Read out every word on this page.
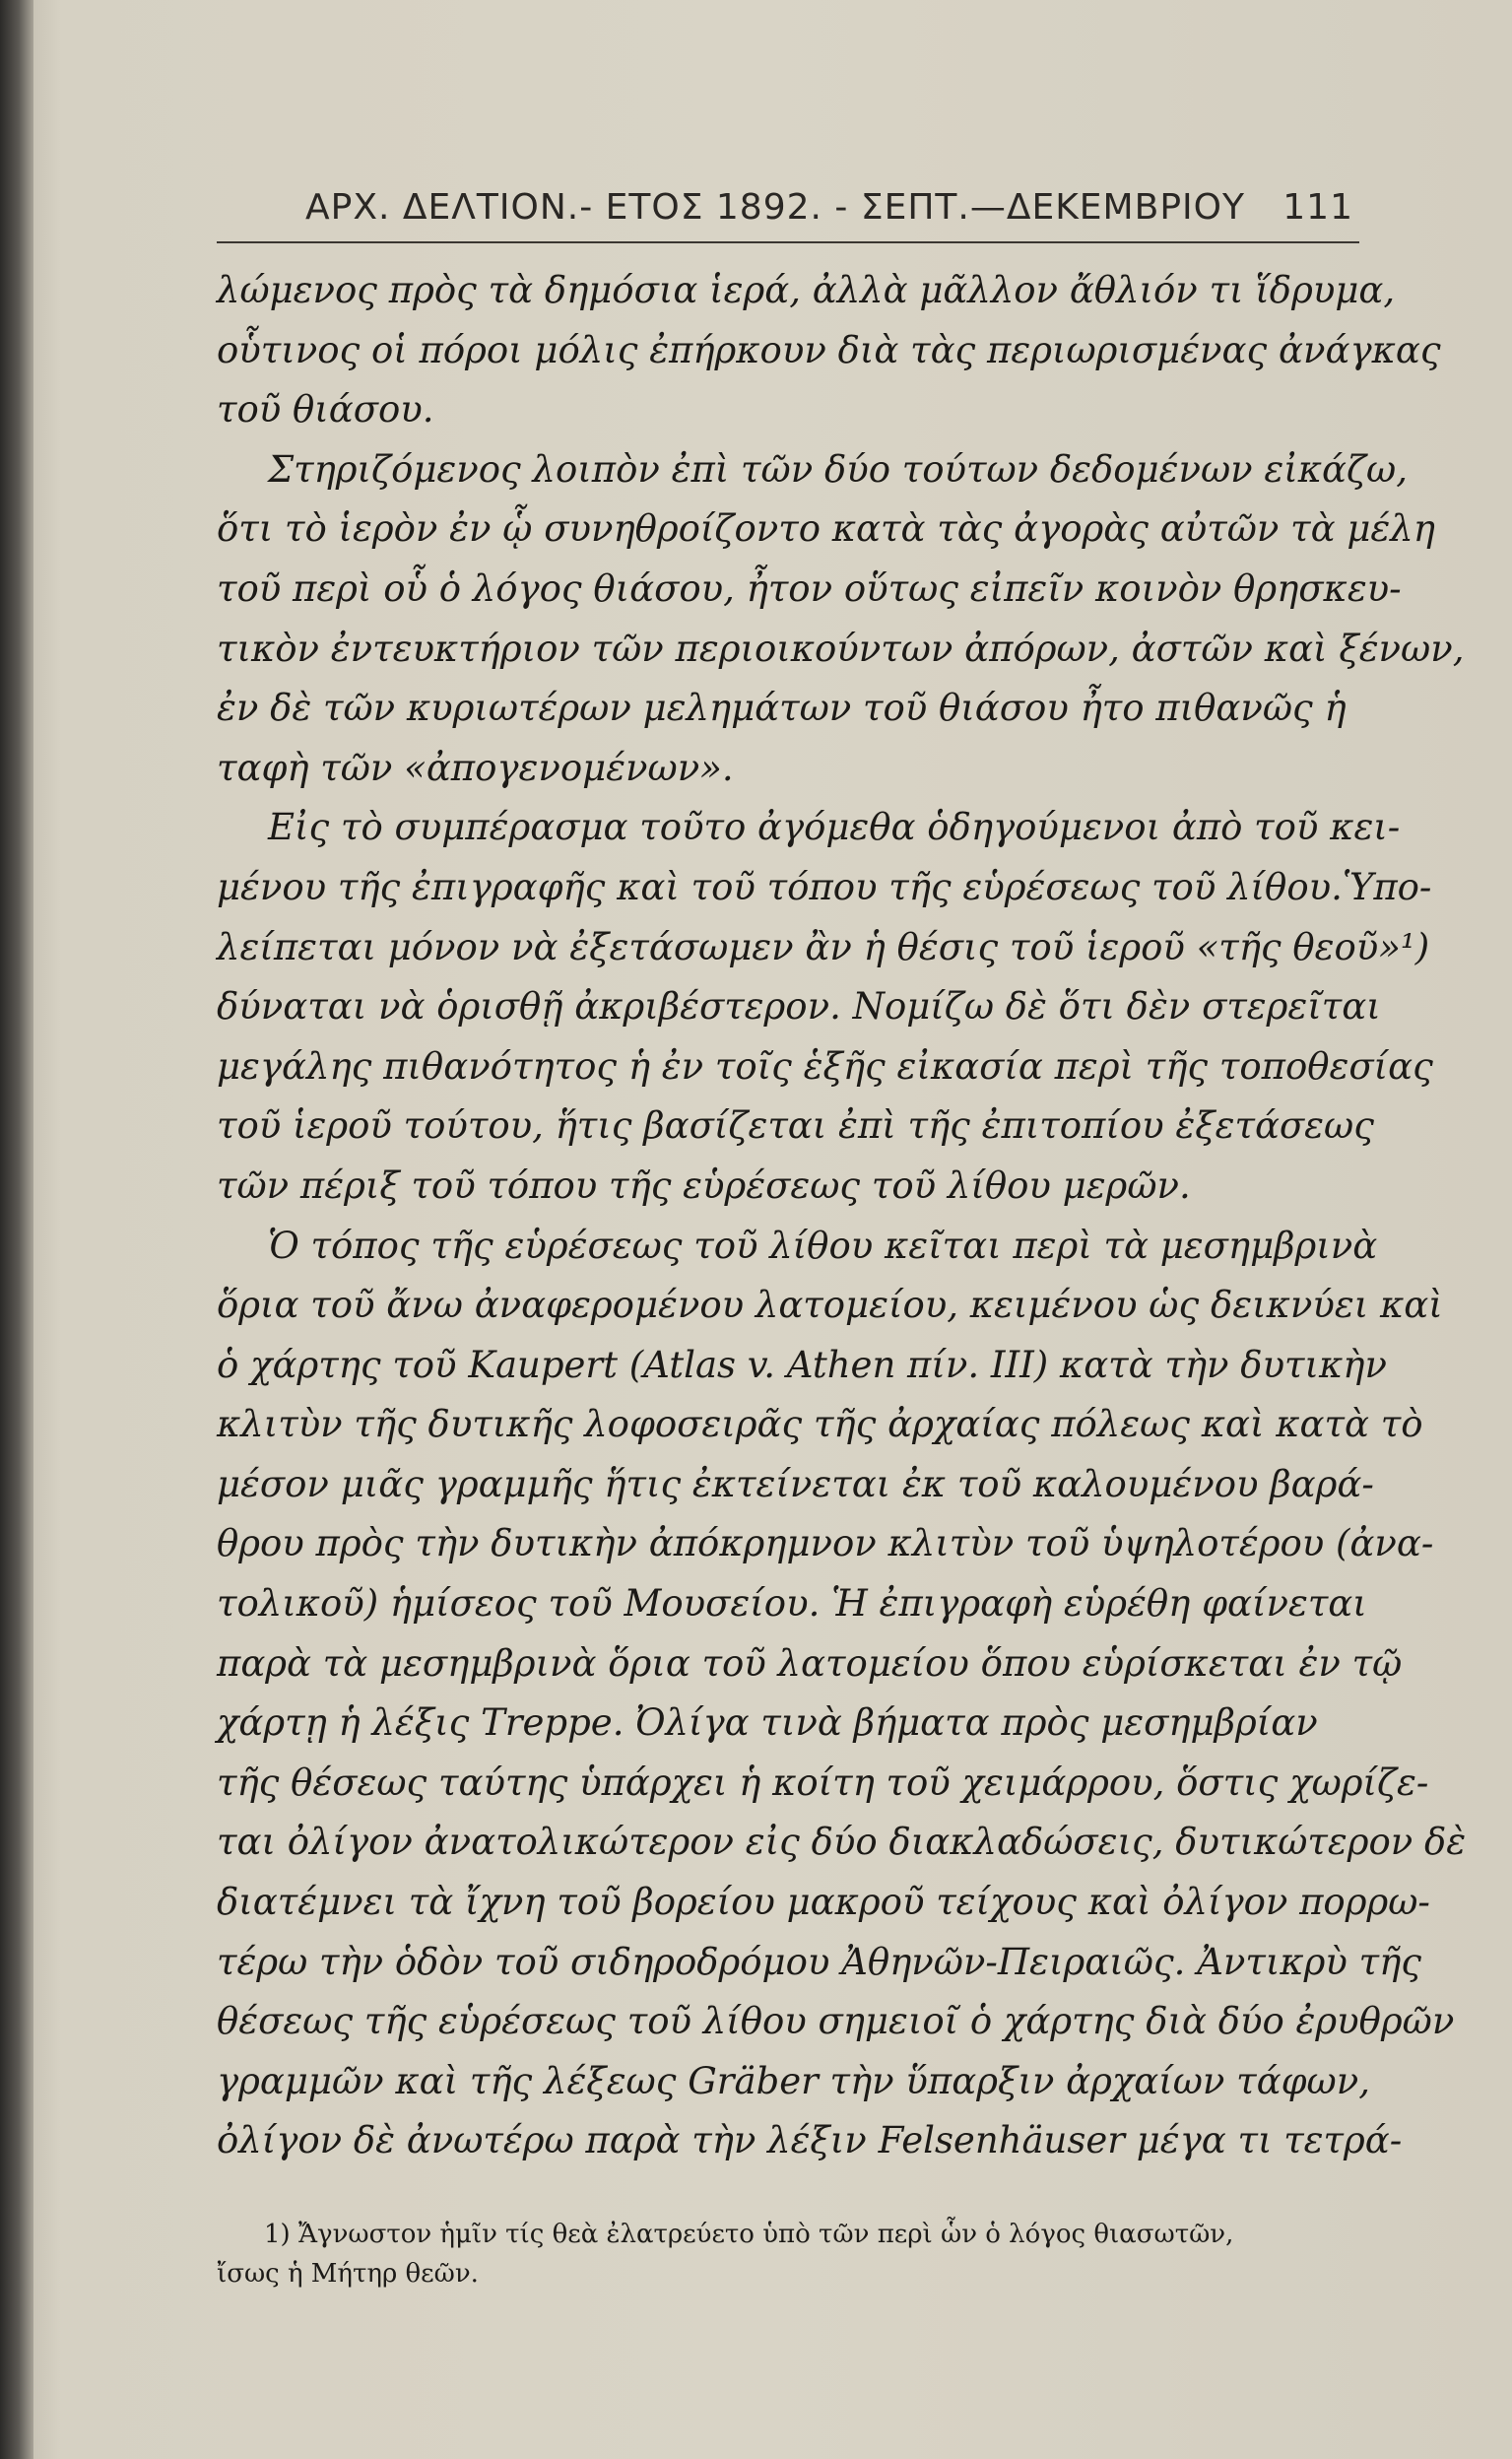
ΑΡΧ. ΔΕΛΤΙΟΝ.- ΕΤΟΣ 1892. - ΣΕΠΤ.—ΔΕΚΕΜΒΡΙΟΥ 111
λώμενος πρὸς τὰ δημόσια ἱερά, ἀλλὰ μᾶλλον ἄθλιόν τι ἵδρυμα,
οὗτινος οἱ πόροι μόλις ἐπήρκουν διὰ τὰς περιωρισμένας ἀνάγκας
τοῦ θιάσου.
Στηριζόμενος λοιπὸν ἐπὶ τῶν δύο τούτων δεδομένων εἰκάζω,
ὅτι τὸ ἱερὸν ἐν ᾧ συνηθροίζοντο κατὰ τὰς ἀγορὰς αὐτῶν τὰ μέλη
τοῦ περὶ οὗ ὁ λόγος θιάσου, ἦτον οὕτως εἰπεῖν κοινὸν θρησκευ-
τικὸν ἐντευκτήριον τῶν περιοικούντων ἀπόρων, ἀστῶν καὶ ξένων,
ἐν δὲ τῶν κυριωτέρων μελημάτων τοῦ θιάσου ἦτο πιθανῶς ἡ
ταφὴ τῶν «ἀπογενομένων».
Εἰς τὸ συμπέρασμα τοῦτο ἀγόμεθα ὁδηγούμενοι ἀπὸ τοῦ κει-
μένου τῆς ἐπιγραφῆς καὶ τοῦ τόπου τῆς εὑρέσεως τοῦ λίθου.Ὑπο-
λείπεται μόνον νὰ ἐξετάσωμεν ἂν ἡ θέσις τοῦ ἱεροῦ «τῆς θεοῦ»¹)
δύναται νὰ ὁρισθῇ ἀκριβέστερον. Νομίζω δὲ ὅτι δὲν στερεῖται
μεγάλης πιθανότητος ἡ ἐν τοῖς ἑξῆς εἰκασία περὶ τῆς τοποθεσίας
τοῦ ἱεροῦ τούτου, ἥτις βασίζεται ἐπὶ τῆς ἐπιτοπίου ἐξετάσεως
τῶν πέριξ τοῦ τόπου τῆς εὑρέσεως τοῦ λίθου μερῶν.
Ὁ τόπος τῆς εὑρέσεως τοῦ λίθου κεῖται περὶ τὰ μεσημβρινὰ
ὅρια τοῦ ἄνω ἀναφερομένου λατομείου, κειμένου ὡς δεικνύει καὶ
ὁ χάρτης τοῦ Kaupert (Atlas v. Athen πίν. III) κατὰ τὴν δυτικὴν
κλιτὺν τῆς δυτικῆς λοφοσειρᾶς τῆς ἀρχαίας πόλεως καὶ κατὰ τὸ
μέσον μιᾶς γραμμῆς ἥτις ἐκτείνεται ἐκ τοῦ καλουμένου βαρά-
θρου πρὸς τὴν δυτικὴν ἀπόκρημνον κλιτὺν τοῦ ὑψηλοτέρου (ἀνα-
τολικοῦ) ἡμίσεος τοῦ Μουσείου. Ἡ ἐπιγραφὴ εὑρέθη φαίνεται
παρὰ τὰ μεσημβρινὰ ὅρια τοῦ λατομείου ὅπου εὑρίσκεται ἐν τῷ
χάρτῃ ἡ λέξις Treppe. Ὀλίγα τινὰ βήματα πρὸς μεσημβρίαν
τῆς θέσεως ταύτης ὑπάρχει ἡ κοίτη τοῦ χειμάρρου, ὅστις χωρίζε-
ται ὀλίγον ἀνατολικώτερον εἰς δύο διακλαδώσεις, δυτικώτερον δὲ
διατέμνει τὰ ἴχνη τοῦ βορείου μακροῦ τείχους καὶ ὀλίγον πορρω-
τέρω τὴν ὁδὸν τοῦ σιδηροδρόμου Ἀθηνῶν-Πειραιῶς. Ἀντικρὺ τῆς
θέσεως τῆς εὑρέσεως τοῦ λίθου σημειοῖ ὁ χάρτης διὰ δύο ἐρυθρῶν
γραμμῶν καὶ τῆς λέξεως Gräber τὴν ὕπαρξιν ἀρχαίων τάφων,
ὀλίγον δὲ ἀνωτέρω παρὰ τὴν λέξιν Felsenhäuser μέγα τι τετρά-
1) Ἄγνωστον ἡμῖν τίς θεὰ ἐλατρεύετο ὑπὸ τῶν περὶ ὧν ὁ λόγος θιασωτῶν,
ἴσως ἡ Μήτηρ θεῶν.
